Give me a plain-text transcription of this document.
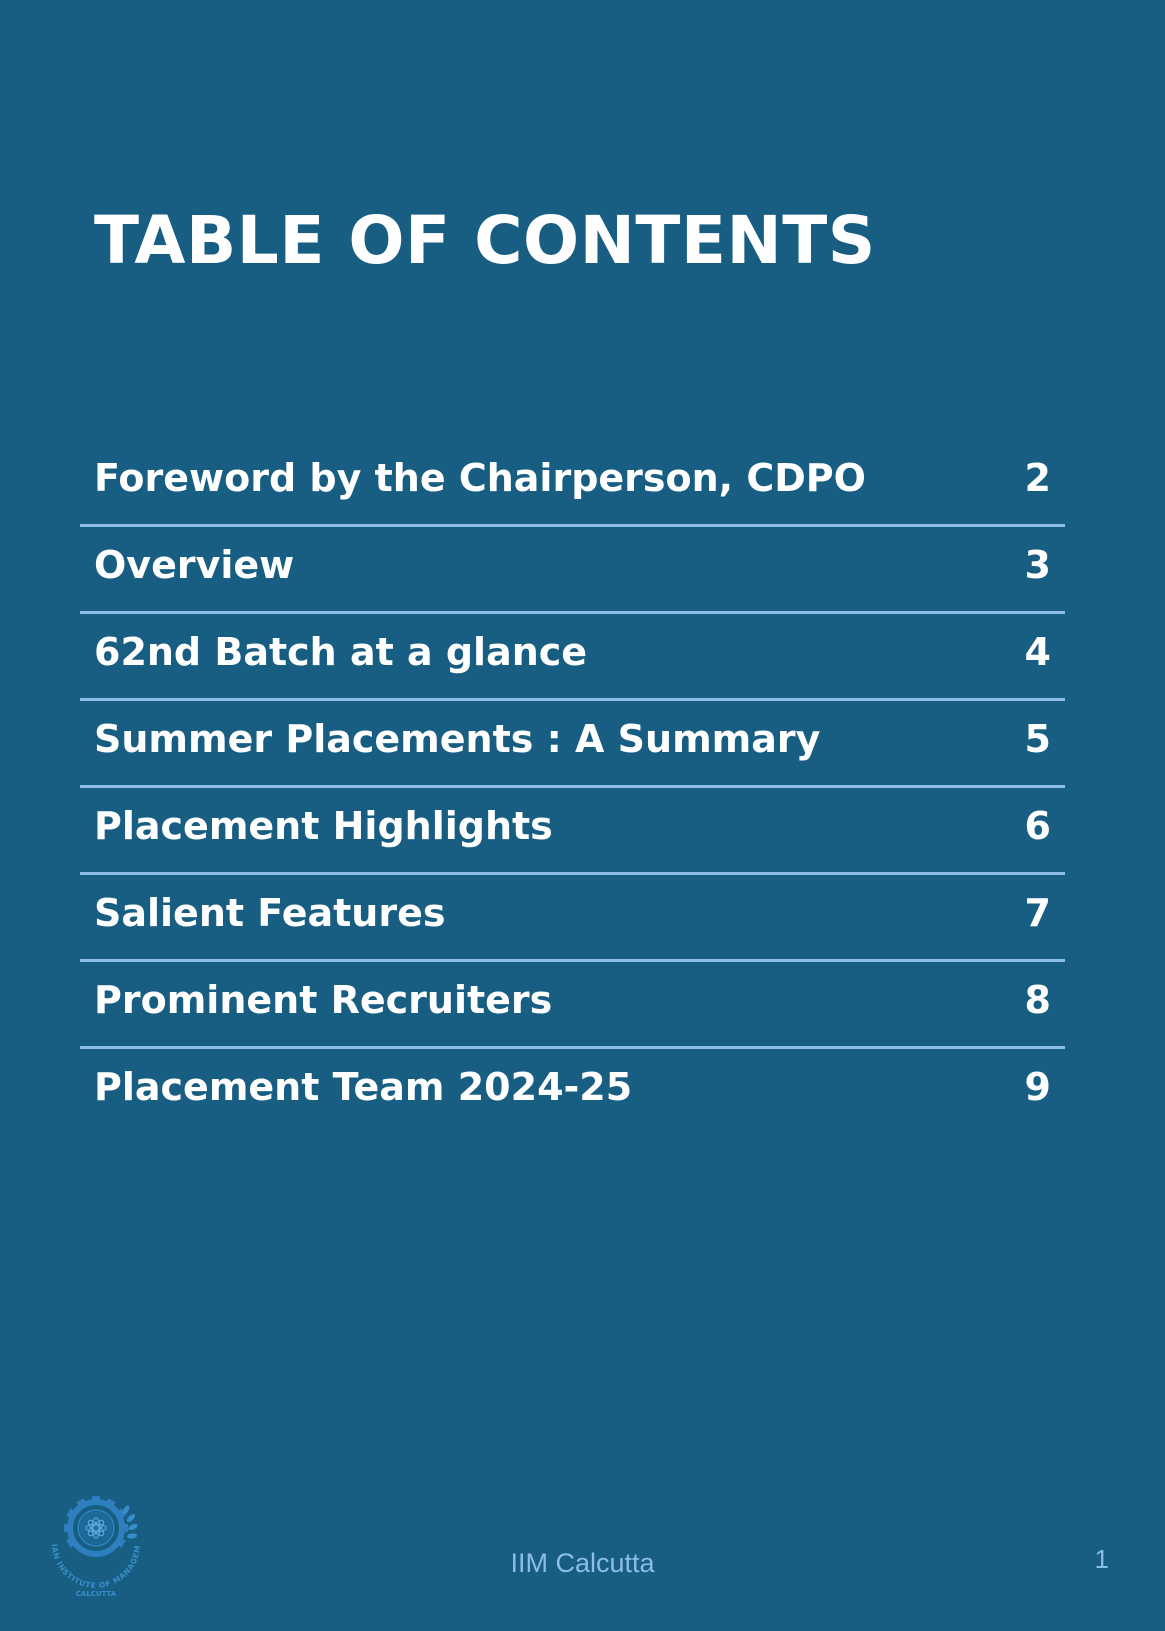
TABLE OF CONTENTS
Foreword by the Chairperson, CDPO	2
Overview	3
62nd Batch at a glance	4
Summer Placements : A Summary	5
Placement Highlights	6
Salient Features	7
Prominent Recruiters	8
Placement Team 2024-25	9
IAN INSTITUTE OF MANAGEM
CALCUTTA
IIM Calcutta	1
